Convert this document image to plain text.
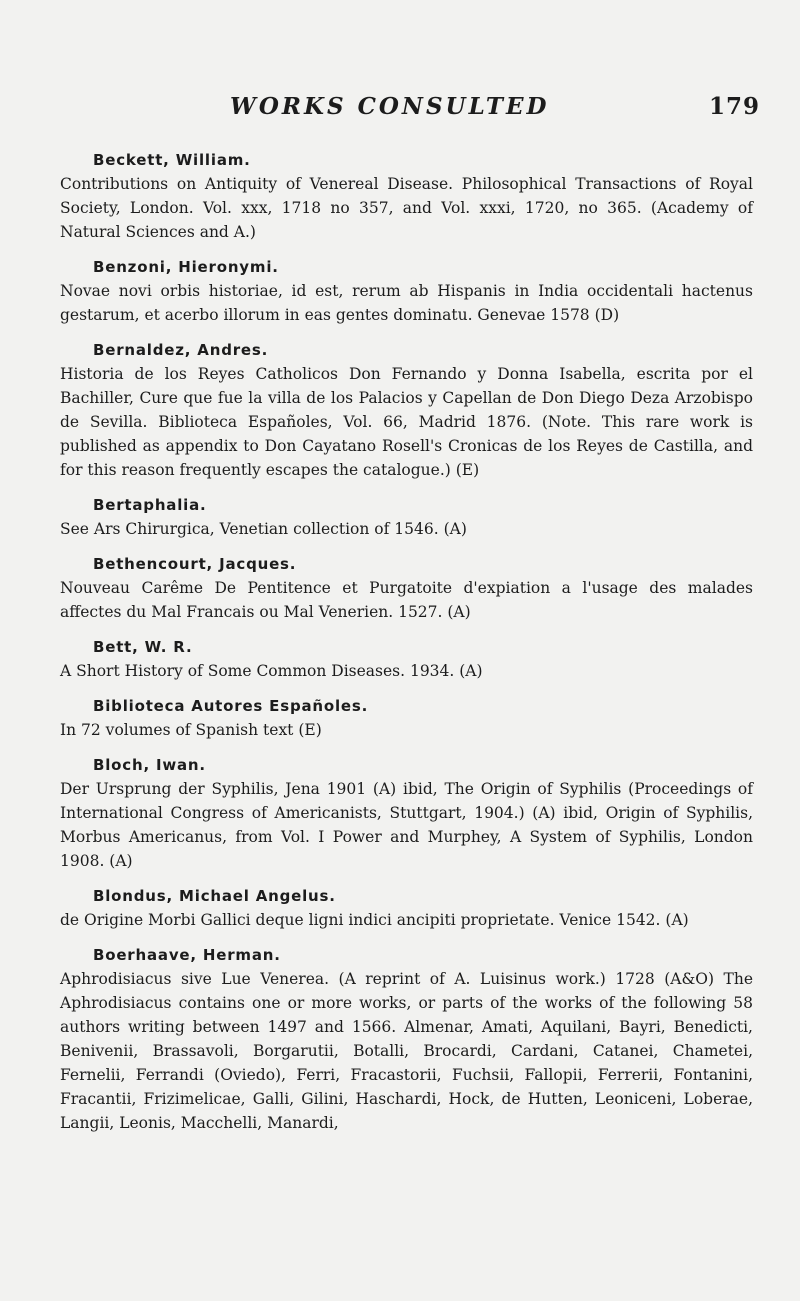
WORKS CONSULTED	179
Beckett, William.
Contributions on Antiquity of Venereal Disease. Philosophical Transactions of Royal Society, London. Vol. xxx, 1718 no 357, and Vol. xxxi, 1720, no 365. (Academy of Natural Sciences and A.)
Benzoni, Hieronymi.
Novae novi orbis historiae, id est, rerum ab Hispanis in India occidentali hactenus gestarum, et acerbo illorum in eas gentes dominatu. Genevae 1578 (D)
Bernaldez, Andres.
Historia de los Reyes Catholicos Don Fernando y Donna Isabella, escrita por el Bachiller, Cure que fue la villa de los Palacios y Capellan de Don Diego Deza Arzobispo de Sevilla. Biblioteca Españoles, Vol. 66, Madrid 1876. (Note. This rare work is published as appendix to Don Cayatano Rosell's Cronicas de los Reyes de Castilla, and for this reason frequently escapes the catalogue.) (E)
Bertaphalia.
See Ars Chirurgica, Venetian collection of 1546. (A)
Bethencourt, Jacques.
Nouveau Carême De Pentitence et Purgatoite d'expiation a l'usage des malades affectes du Mal Francais ou Mal Venerien. 1527. (A)
Bett, W. R.
A Short History of Some Common Diseases. 1934. (A)
Biblioteca Autores Españoles.
In 72 volumes of Spanish text (E)
Bloch, Iwan.
Der Ursprung der Syphilis, Jena 1901 (A) ibid, The Origin of Syphilis (Proceedings of International Congress of Americanists, Stuttgart, 1904.) (A) ibid, Origin of Syphilis, Morbus Americanus, from Vol. I Power and Murphey, A System of Syphilis, London 1908. (A)
Blondus, Michael Angelus.
de Origine Morbi Gallici deque ligni indici ancipiti proprietate. Venice 1542. (A)
Boerhaave, Herman.
Aphrodisiacus sive Lue Venerea. (A reprint of A. Luisinus work.) 1728 (A&O) The Aphrodisiacus contains one or more works, or parts of the works of the following 58 authors writing between 1497 and 1566. Almenar, Amati, Aquilani, Bayri, Benedicti, Benivenii, Brassavoli, Borgarutii, Botalli, Brocardi, Cardani, Catanei, Chametei, Fernelii, Ferrandi (Oviedo), Ferri, Fracastorii, Fuchsii, Fallopii, Ferrerii, Fontanini, Fracantii, Frizimelicae, Galli, Gilini, Haschardi, Hock, de Hutten, Leoniceni, Loberae, Langii, Leonis, Macchelli, Manardi,
